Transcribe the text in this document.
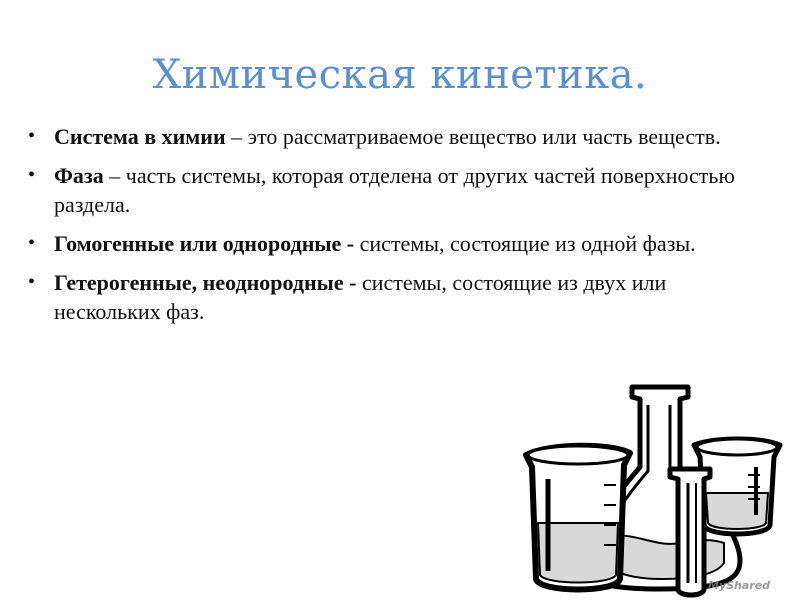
Химическая кинетика.
• Система в химии – это рассматриваемое вещество или часть веществ.
• Фаза – часть системы, которая отделена от других частей поверхностью раздела.
• Гомогенные или однородные - системы, состоящие из одной фазы.
• Гетерогенные, неоднородные - системы, состоящие из двух или нескольких фаз.
MyShared
